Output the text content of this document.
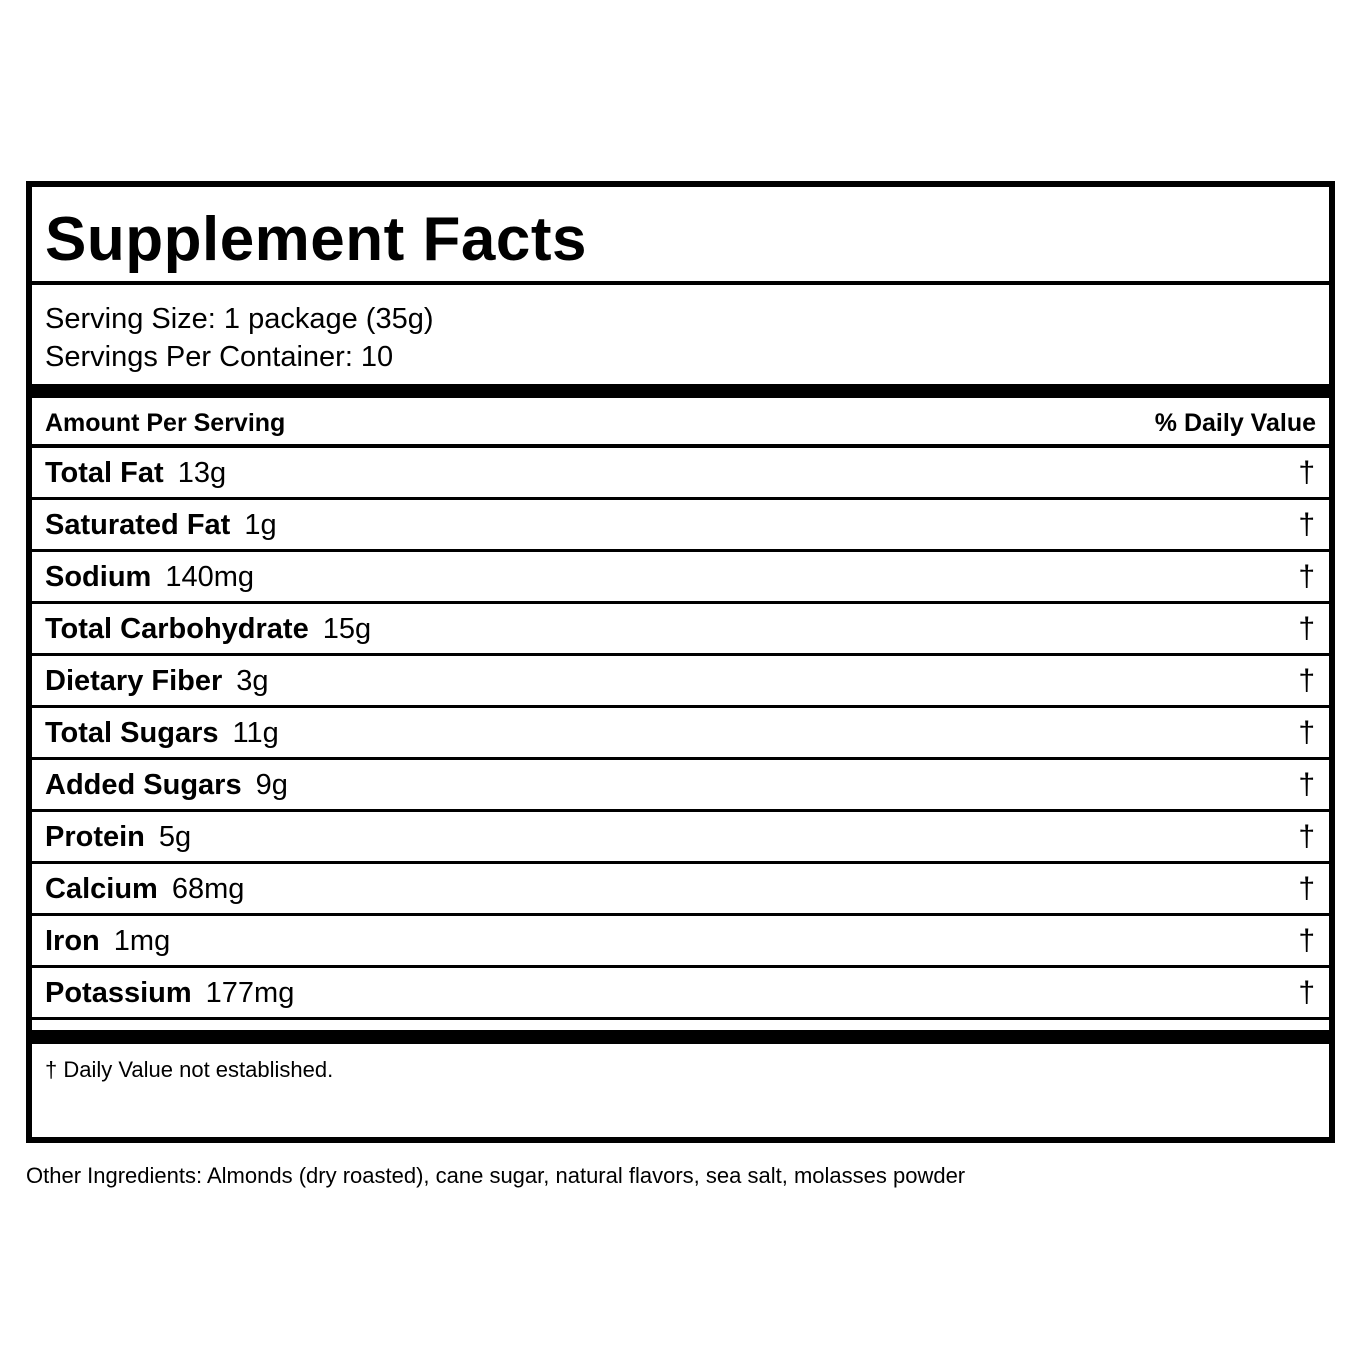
Supplement Facts
Serving Size: 1 package (35g)
Servings Per Container: 10
Amount Per Serving	% Daily Value
Total Fat 13g	†
Saturated Fat 1g	†
Sodium 140mg	†
Total Carbohydrate 15g	†
Dietary Fiber 3g	†
Total Sugars 11g	†
Added Sugars 9g	†
Protein 5g	†
Calcium 68mg	†
Iron 1mg	†
Potassium 177mg	†
† Daily Value not established.
Other Ingredients: Almonds (dry roasted), cane sugar, natural flavors, sea salt, molasses powder
